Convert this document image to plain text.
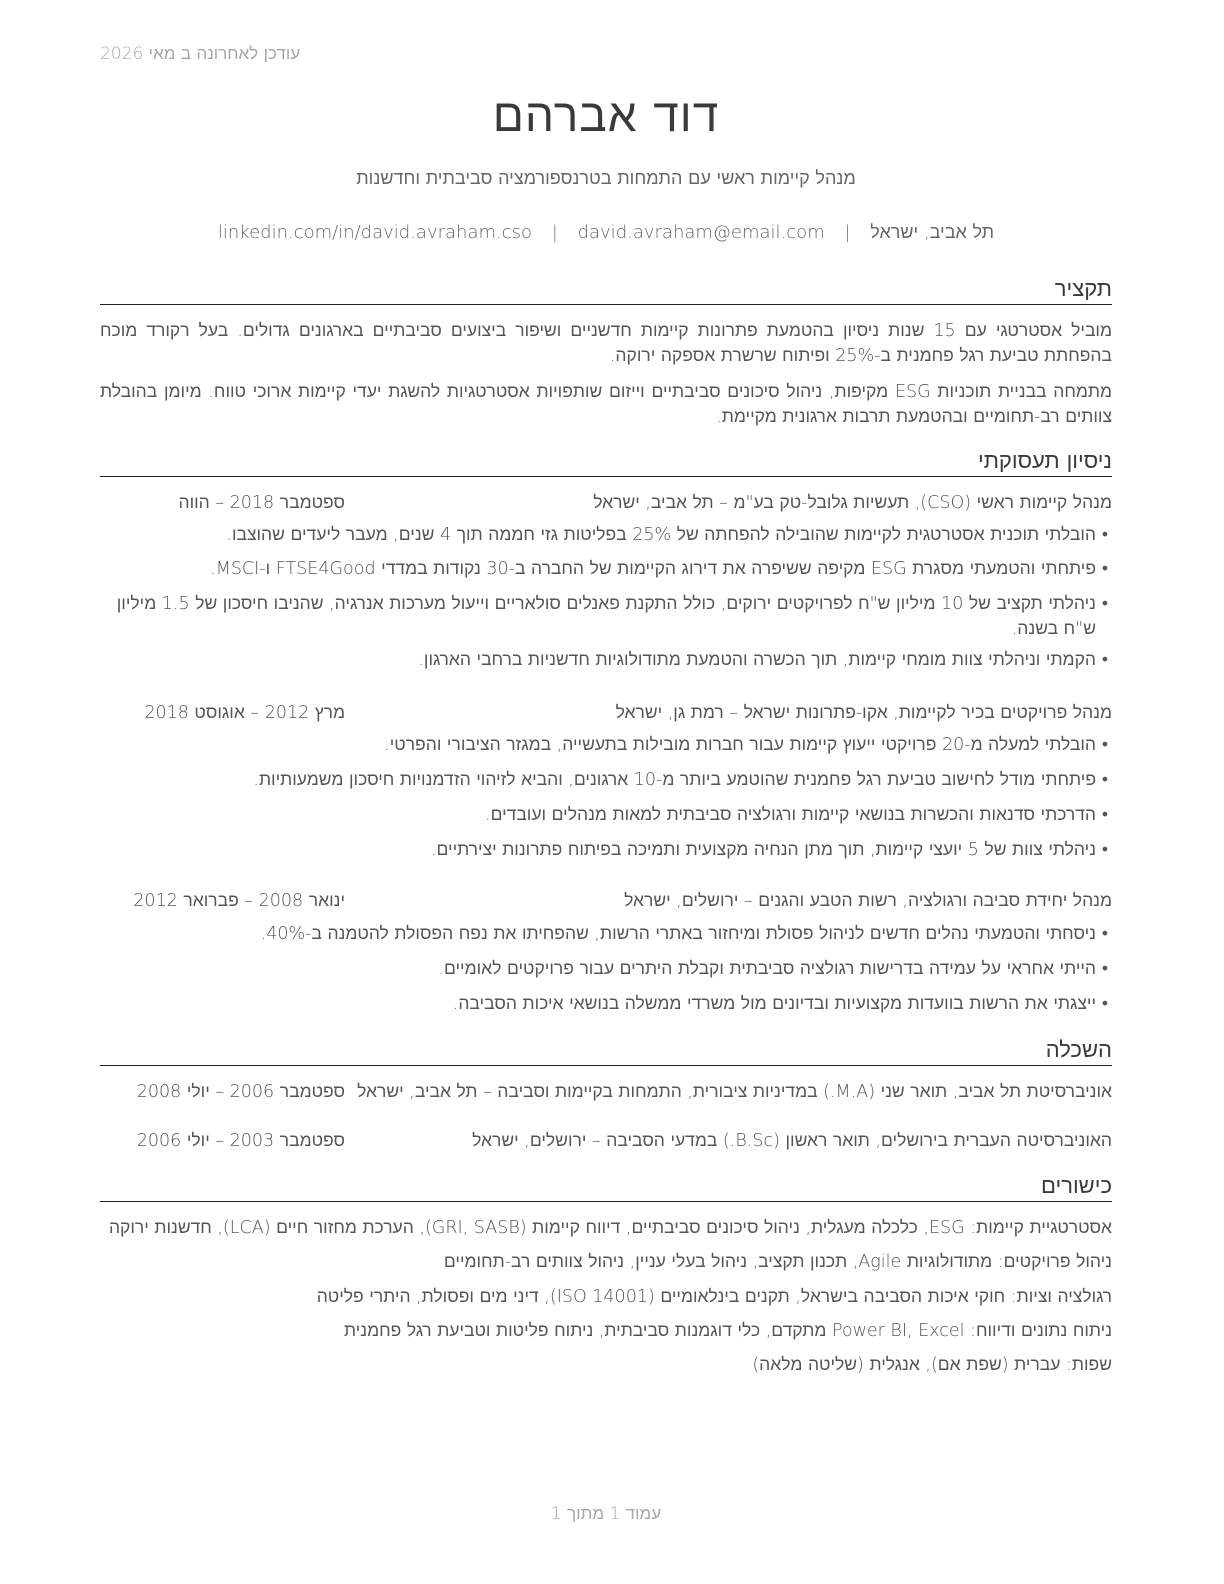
עודכן לאחרונה ב מאי 2026
דוד אברהם
מנהל קיימות ראשי עם התמחות בטרנספורמציה סביבתית וחדשנות
תל אביב, ישראל | david.avraham@email.com | linkedin.com/in/david.avraham.cso
תקציר
מוביל אסטרטגי עם 15 שנות ניסיון בהטמעת פתרונות קיימות חדשניים ושיפור ביצועים סביבתיים בארגונים גדולים. בעל רקורד מוכח בהפחתת טביעת רגל פחמנית ב-25% ופיתוח שרשרת אספקה ירוקה.
מתמחה בבניית תוכניות ESG מקיפות, ניהול סיכונים סביבתיים וייזום שותפויות אסטרטגיות להשגת יעדי קיימות ארוכי טווח. מיומן בהובלת צוותים רב-תחומיים ובהטמעת תרבות ארגונית מקיימת.
ניסיון תעסוקתי
מנהל קיימות ראשי (CSO), תעשיות גלובל-טק בע"מ – תל אביב, ישראל
ספטמבר 2018 – הווה
•
הובלתי תוכנית אסטרטגית לקיימות שהובילה להפחתה של 25% בפליטות גזי חממה תוך 4 שנים, מעבר ליעדים שהוצבו.
•
פיתחתי והטמעתי מסגרת ESG מקיפה ששיפרה את דירוג הקיימות של החברה ב-30 נקודות במדדי FTSE4Good ו-MSCI.
•
ניהלתי תקציב של 10 מיליון ש"ח לפרויקטים ירוקים, כולל התקנת פאנלים סולאריים וייעול מערכות אנרגיה, שהניבו חיסכון של 1.5 מיליון ש"ח בשנה.
•
הקמתי וניהלתי צוות מומחי קיימות, תוך הכשרה והטמעת מתודולוגיות חדשניות ברחבי הארגון.
מנהל פרויקטים בכיר לקיימות, אקו-פתרונות ישראל – רמת גן, ישראל
מרץ 2012 – אוגוסט 2018
•
הובלתי למעלה מ-20 פרויקטי ייעוץ קיימות עבור חברות מובילות בתעשייה, במגזר הציבורי והפרטי.
•
פיתחתי מודל לחישוב טביעת רגל פחמנית שהוטמע ביותר מ-10 ארגונים, והביא לזיהוי הזדמנויות חיסכון משמעותיות.
•
הדרכתי סדנאות והכשרות בנושאי קיימות ורגולציה סביבתית למאות מנהלים ועובדים.
•
ניהלתי צוות של 5 יועצי קיימות, תוך מתן הנחיה מקצועית ותמיכה בפיתוח פתרונות יצירתיים.
מנהל יחידת סביבה ורגולציה, רשות הטבע והגנים – ירושלים, ישראל
ינואר 2008 – פברואר 2012
•
ניסחתי והטמעתי נהלים חדשים לניהול פסולת ומיחזור באתרי הרשות, שהפחיתו את נפח הפסולת להטמנה ב-40%.
•
הייתי אחראי על עמידה בדרישות רגולציה סביבתית וקבלת היתרים עבור פרויקטים לאומיים.
•
ייצגתי את הרשות בוועדות מקצועיות ובדיונים מול משרדי ממשלה בנושאי איכות הסביבה.
השכלה
אוניברסיטת תל אביב, תואר שני (M.A.) במדיניות ציבורית, התמחות בקיימות וסביבה – תל אביב, ישראל
ספטמבר 2006 – יולי 2008
האוניברסיטה העברית בירושלים, תואר ראשון (B.Sc.) במדעי הסביבה – ירושלים, ישראל
ספטמבר 2003 – יולי 2006
כישורים
אסטרטגיית קיימות: ESG, כלכלה מעגלית, ניהול סיכונים סביבתיים, דיווח קיימות (GRI, SASB), הערכת מחזור חיים (LCA), חדשנות ירוקה
ניהול פרויקטים: מתודולוגיות Agile, תכנון תקציב, ניהול בעלי עניין, ניהול צוותים רב-תחומיים
רגולציה וציות: חוקי איכות הסביבה בישראל, תקנים בינלאומיים (ISO 14001), דיני מים ופסולת, היתרי פליטה
ניתוח נתונים ודיווח: Power BI, Excel מתקדם, כלי דוגמנות סביבתית, ניתוח פליטות וטביעת רגל פחמנית
שפות: עברית (שפת אם), אנגלית (שליטה מלאה)
עמוד 1 מתוך 1
